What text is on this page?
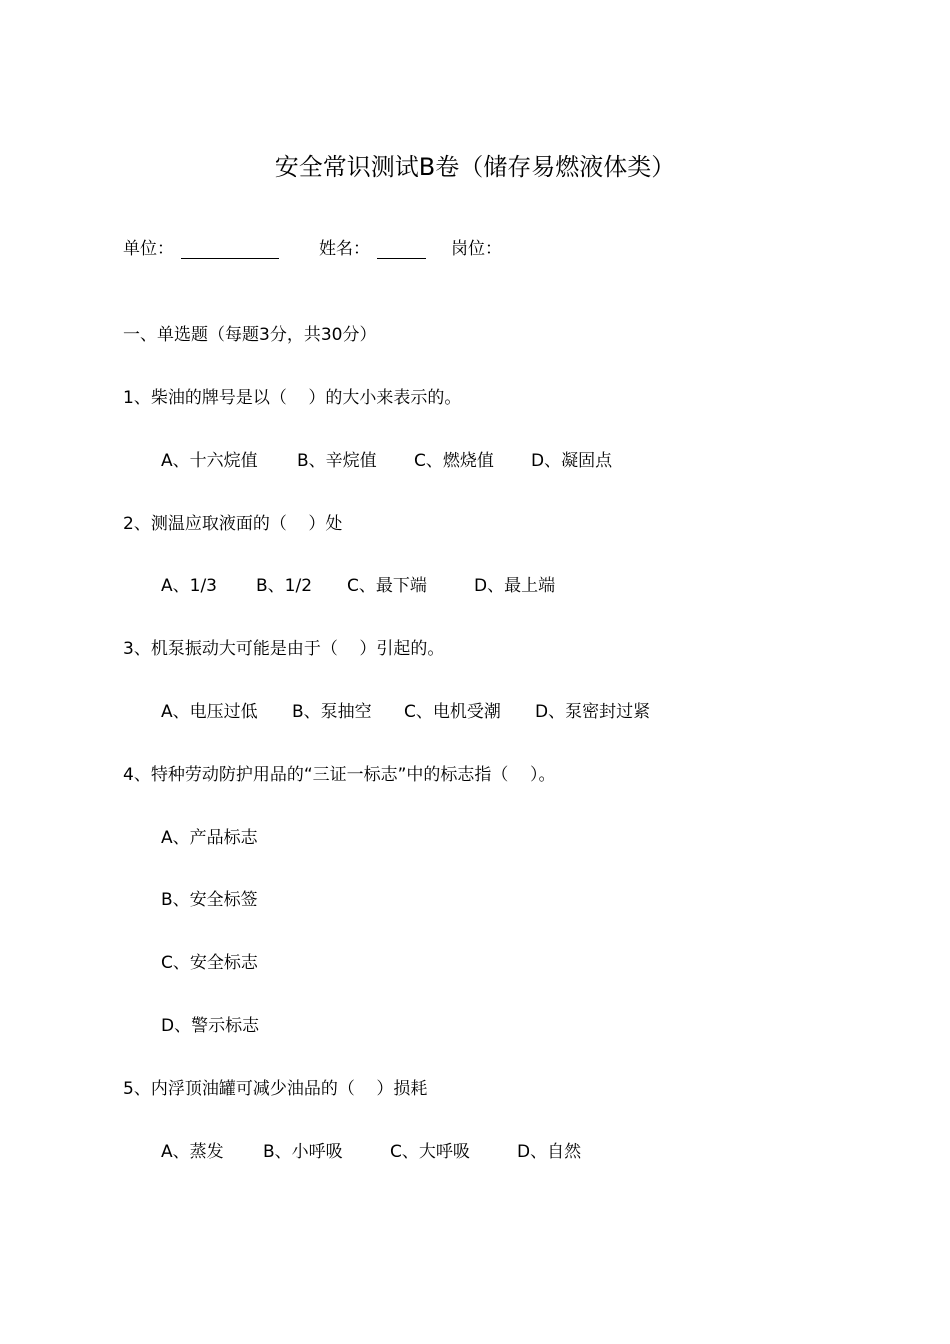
安全常识测试B卷（储存易燃液体类）
单位：	姓名：	岗位：
一、单选题（每题3分，共30分）
1、柴油的牌号是以（    ）的大小来表示的。
A、十六烷值 B、辛烷值 C、燃烧值 D、凝固点
2、测温应取液面的（    ）处
A、1/3 B、1/2 C、最下端	D、最上端
3、机泵振动大可能是由于（    ）引起的。
A、电压过低 B、泵抽空 C、电机受潮 D、泵密封过紧
4、特种劳动防护用品的“三证一标志”中的标志指（    ）。
A、产品标志
B、安全标签
C、安全标志
D、警示标志
5、内浮顶油罐可减少油品的（    ）损耗
A、蒸发 B、小呼吸	C、大呼吸	D、自然
